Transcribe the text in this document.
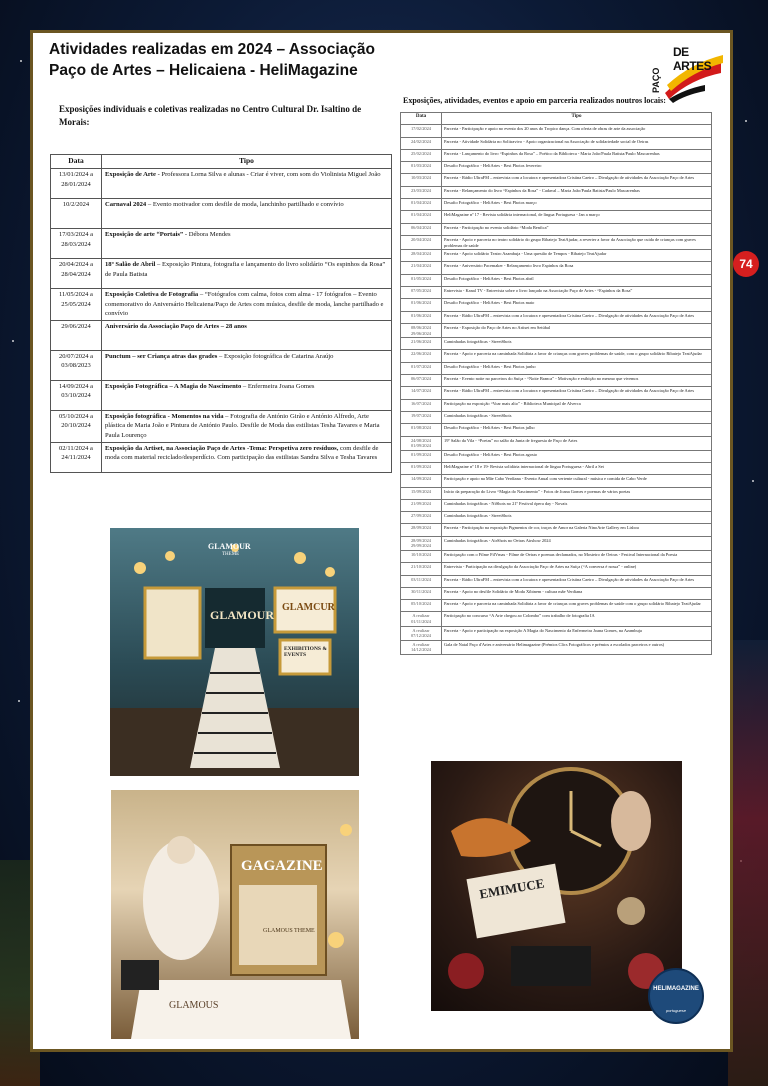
Atividades realizadas em 2024 – Associação
Paço de Artes – Helicaiena - HeliMagazine
DE ARTES
PAÇO
Exposições individuais e coletivas realizadas no Centro Cultural Dr. Isaltino de Morais:
Exposições, atividades, eventos e apoio em parceria realizados noutros locais:
Data	Tipo
13/01/2024 a 28/01/2024	Exposição de Arte - Professora Lorna Silva e alunas - Criar é viver, com som do Violinista Miguel João
10/2/2024	Carnaval 2024 – Evento motivador com desfile de moda, lanchinho partilhado e convívio
17/03/2024 a 28/03/2024	Exposição de arte “Portais” - Débora Mendes
20/04/2024 a 28/04/2024	18º Salão de Abril – Exposição Pintura, fotografia e lançamento do livro solidário “Os espinhos da Rosa” de Paula Batista
11/05/2024 a 25/05/2024	Exposição Coletiva de Fotografia – “Fotógrafos com calma, fotos com alma - 17 fotógrafos – Evento comemorativo do Aniversário Helicaiena/Paço de Artes com música, desfile de moda, lanche partilhado e convívio
29/06/2024	Aniversário da Associação Paço de Artes – 28 anos
20/07/2024 a 03/08/2023	Punctum – ser Criança atras das grades – Exposição fotográfica de Catarina Araújo
14/09/2024 a 03/10/2024	Exposição Fotográfica – A Magia do Nascimento – Enfermeira Joana Gomes
05/10/2024 a 20/10/2024	Exposição fotográfica - Momentos na vida – Fotografia de António Girão e António Alfredo, Arte plástica de Maria João e Pintura de António Paulo. Desfile de Moda das estilistas Tesha Tavares e Maria Paula Lourenço
02/11/2024 a 24/11/2024	Exposição da Artiset, na Associação Paço de Artes -Tema: Perspetiva zero resíduos, com desfile de moda com material reciclado/desperdício. Com participação das estilistas Sandra Silva e Tesha Tavares
Data	Tipo
17/02/2024	Parceria - Participação e apoio no evento dos 20 anos do Tropico dança. Com oferta de obras de arte da associação
24/02/2024	Parceria - Atividade Solidária no Solitravivo - Apoio organizacional na Associação de solidariedade social de Oeiras
25/02/2024	Parceria - Lançamento do livro “Espinhos da Rosa” – Poético da Biblioteca - Maria João/Paula Batista/Paulo Mascarenhas
01/03/2024	Desafio Fotográfico - HeliArtes - Best Photos fevereiro
10/03/2024	Parceria - Rádio UltraFM – entrevista com a locutora e apresentadora Cristina Caeiro – Divulgação de atividades da Associação Paço de Artes
23/03/2024	Parceria - Relançamento do livro “Espinhos da Rosa” - Cadaval – Maria João/Paula Batista/Paulo Mascarenhas
01/04/2024	Desafio Fotográfico - HeliArtes - Best Photos março
01/04/2024	HeliMagazine nº 17 - Revista solidária internacional, de língua Portuguesa - Jan a março
06/04/2024	Parceria - Participação no evento solidário “Moda Benfica”
20/04/2024	Parceria - Apoio e parceria no teatro solidário do grupo Ribatejo TeatAjudar, a reverter a favor da Associação que cuida de crianças com graves problemas de saúde
28/04/2024	Parceria - Apoio solidário Teatro Azambuja - Uma questão de Tempos - Ribatejo TeatAjudar
21/04/2024	Parceria - Aniversário Pacemaker - Relançamento livro Espinhos da Rosa
01/05/2024	Desafio Fotográfico - HeliArtes - Best Photos abril
07/05/2024	Entrevista - Kanal TV - Entrevista sobre o livro lançado na Associação Paço de Artes - “Espinhos da Rosa”
01/06/2024	Desafio Fotográfico - HeliArtes - Best Photos maio
01/06/2024	Parceria - Rádio UltraFM – entrevista com a locutora e apresentadora Cristina Caeiro – Divulgação de atividades da Associação Paço de Artes
08/06/2024 29/06/2024	Parceria - Exposição do Paço de Artes no Artiset em Setúbal
21/06/2024	Caminhadas fotográficas - StreetShots
22/06/2024	Parceria - Apoio e parceria na caminhada Solidária a favor de crianças com graves problemas de saúde, com o grupo solidário Ribatejo TeatAjudar
01/07/2024	Desafio Fotográfico - HeliArtes - Best Photos junho
06/07/2024	Parceria - Evento noite no parceiros do Suíça - “Noite Branca” - Motivação e exibição no mesmo que vivemos
14/07/2024	Parceria - Rádio UltraFM – entrevista com a locutora e apresentadora Cristina Caeiro – Divulgação de atividades da Associação Paço de Artes
16/07/2024	Participação na exposição “Voar mais alto” - Biblioteca Municipal de Alverca
19/07/2024	Caminhadas fotográficas - StreetShots
01/08/2024	Desafio Fotográfico - HeliArtes - Best Photos julho
24/08/2024 01/09/2024	19º Salão da Vila - “Poetas” no salão da Junta de freguesia de Paço de Artes
01/09/2024	Desafio Fotográfico - HeliArtes - Best Photos agosto
01/09/2024	HeliMagazine nº 18 e 19- Revista solidária internacional de língua Portuguesa - Abril a Set
14/09/2024	Participação e apoio na Mãe Cabo Verdiana - Evento Anual com vertente cultural - música e comida de Cabo Verde
15/09/2024	Início da preparação do Livro “Magia do Nascimento” - Fotos de Joana Gomes e poemas de vários poetas
21/09/2024	Caminhadas fotográficas - NiShots no 21º Festival ópera day - Novais
27/09/2024	Caminhadas fotográficas - StreetShots
28/09/2024	Parceria - Participação na exposição Pigmentos de cor, traços de Amor na Galeria NinoArte Gallery em Lisboa
28/09/2024 29/09/2024	Caminhadas fotográficas - AirShots no Oeiras Airshow 2024
10/10/2024	Participação com o Filme FilVmas - Filme de Oeiras e poemas declamados, no Mosteiro de Oeiras - Festival Internacional da Poesia
21/10/2024	Entrevista - Participação na divulgação da Associação Paço de Artes na Suíça (“A conversa é nossa” - online)
03/11/2024	Parceria - Rádio UltraFM – entrevista com a locutora e apresentadora Cristina Caeiro – Divulgação de atividades da Associação Paço de Artes
30/11/2024	Parceria - Apoio no desfile Solidário de Moda Xibinem - cultura mãe Verdiana
05/10/2024	Parceria - Apoio e parceria na caminhada Solidária a favor de crianças com graves problemas de saúde com o grupo solidário Ribatejo TeatAjudar
A realizar 01/11/2024	Participação no concurso “A Arte chegou ao Colombo” com trabalho de fotografia IA
A realizar 07/12/2024	Parceria - Apoio e participação na exposição A Magia do Nascimento da Enfermeira Joana Gomes, na Azambuja
A realizar 14/12/2024	Gala de Natal Paço d'Artes e aniversário Helimagazine (Prémios Clics Fotográficos e prémios a escolados parceiros e outros)
GLAMOUR
THEME
GLAMOUR
GLAMCUR
EXHIBITIONS & EVENTS
GAGAZINE
GLAMOUS THEME
GLAMOUS
EMIMUCE
74
HELIMAGAZINE
portuguese
